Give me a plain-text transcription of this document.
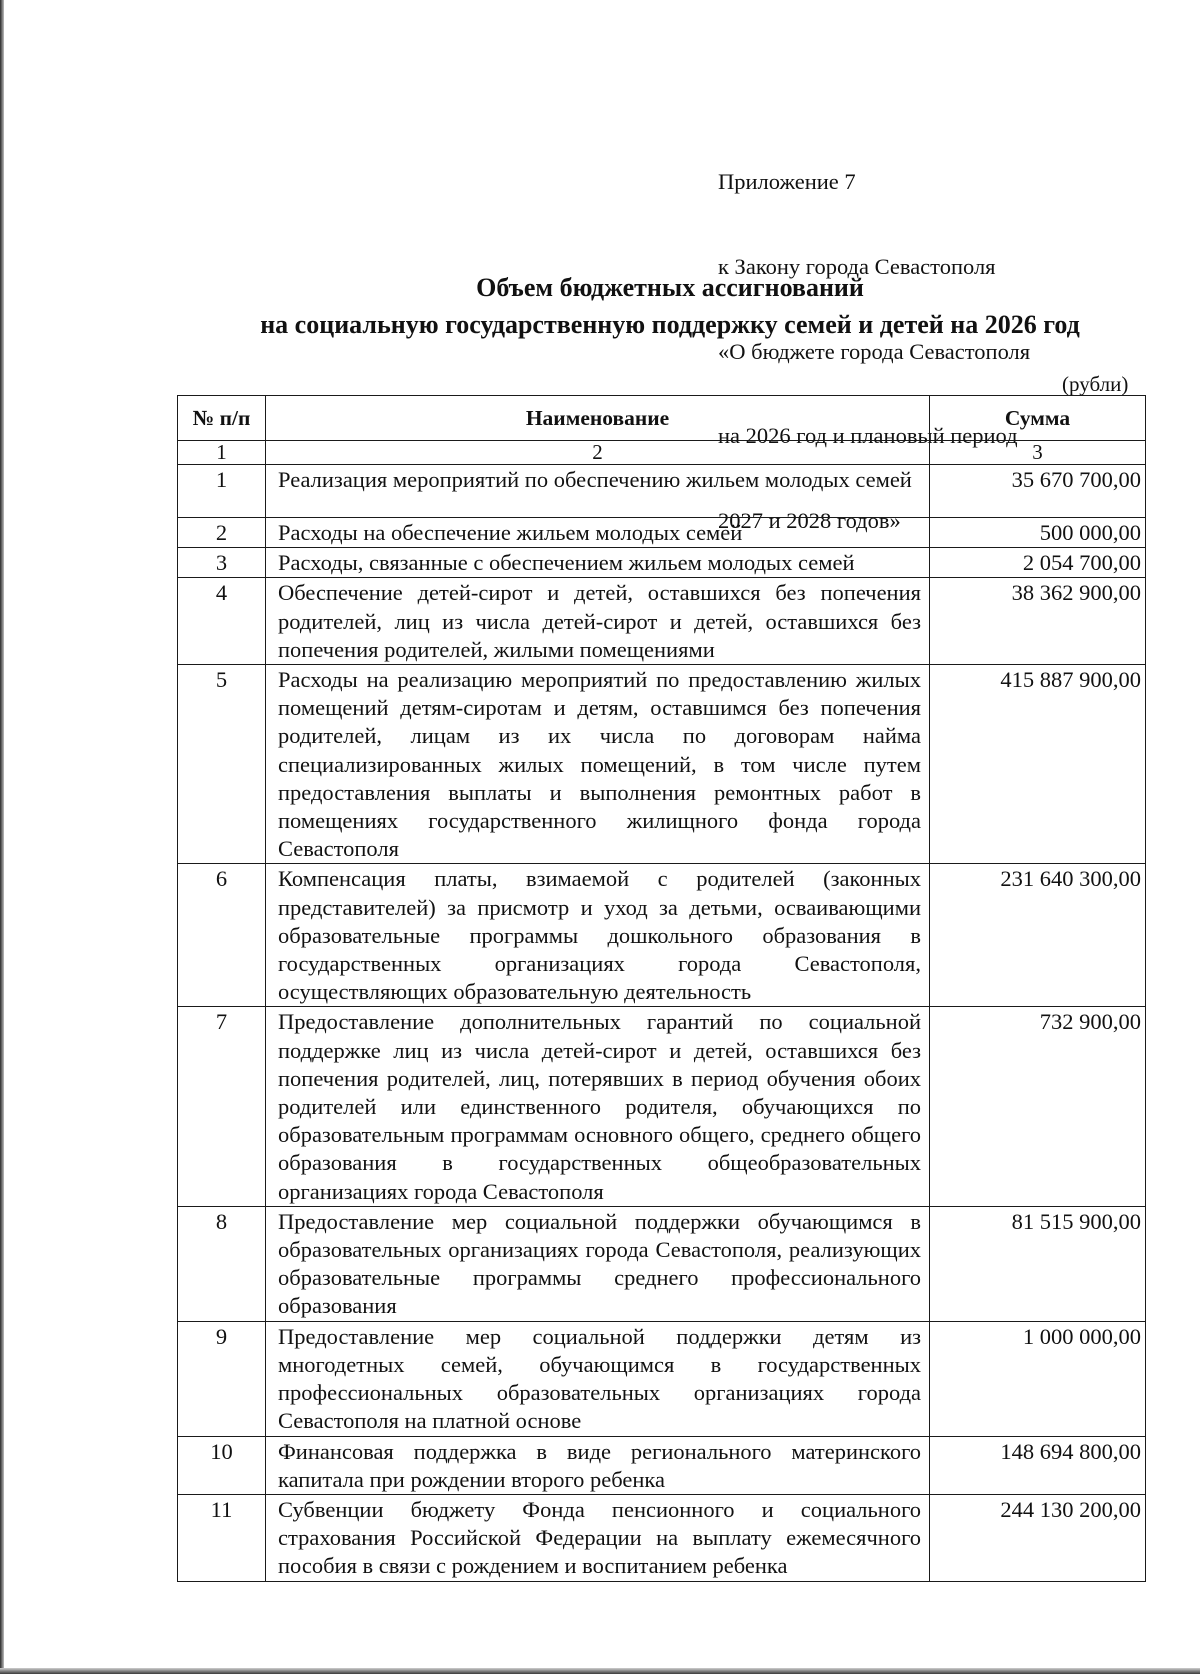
Приложение 7

к Закону города Севастополя

«О бюджете города Севастополя

на 2026 год и плановый период

2027 и 2028 годов»

Объем бюджетных ассигнований
на социальную государственную поддержку семей и детей на 2026 год
(рубли)
№ п/п	Наименование	Сумма
1	2	3
1	Реализация мероприятий по обеспечению жильем молодых семей	35 670 700,00
2	Расходы на обеспечение жильем молодых семей	500 000,00
3	Расходы, связанные с обеспечением жильем молодых семей	2 054 700,00
4	Обеспечение детей-сирот и детей, оставшихся без попечения родителей, лиц из числа детей-сирот и детей, оставшихся без попечения родителей, жилыми помещениями	38 362 900,00
5	Расходы на реализацию мероприятий по предоставлению жилых помещений детям-сиротам и детям, оставшимся без попечения родителей, лицам из их числа по договорам найма специализированных жилых помещений, в том числе путем предоставления выплаты и выполнения ремонтных работ в помещениях государственного жилищного фонда города Севастополя	415 887 900,00
6	Компенсация платы, взимаемой с родителей (законных представителей) за присмотр и уход за детьми, осваивающими образовательные программы дошкольного образования в государственных организациях города Севастополя, осуществляющих образовательную деятельность	231 640 300,00
7	Предоставление дополнительных гарантий по социальной поддержке лиц из числа детей-сирот и детей, оставшихся без попечения родителей, лиц, потерявших в период обучения обоих родителей или единственного родителя, обучающихся по образовательным программам основного общего, среднего общего образования в государственных общеобразовательных организациях города Севастополя	732 900,00
8	Предоставление мер социальной поддержки обучающимся в образовательных организациях города Севастополя, реализующих образовательные программы среднего профессионального образования	81 515 900,00
9	Предоставление мер социальной поддержки детям из многодетных семей, обучающимся в государственных профессиональных образовательных организациях города Севастополя на платной основе	1 000 000,00
10	Финансовая поддержка в виде регионального материнского капитала при рождении второго ребенка	148 694 800,00
11	Субвенции бюджету Фонда пенсионного и социального страхования Российской Федерации на выплату ежемесячного пособия в связи с рождением и воспитанием ребенка	244 130 200,00
